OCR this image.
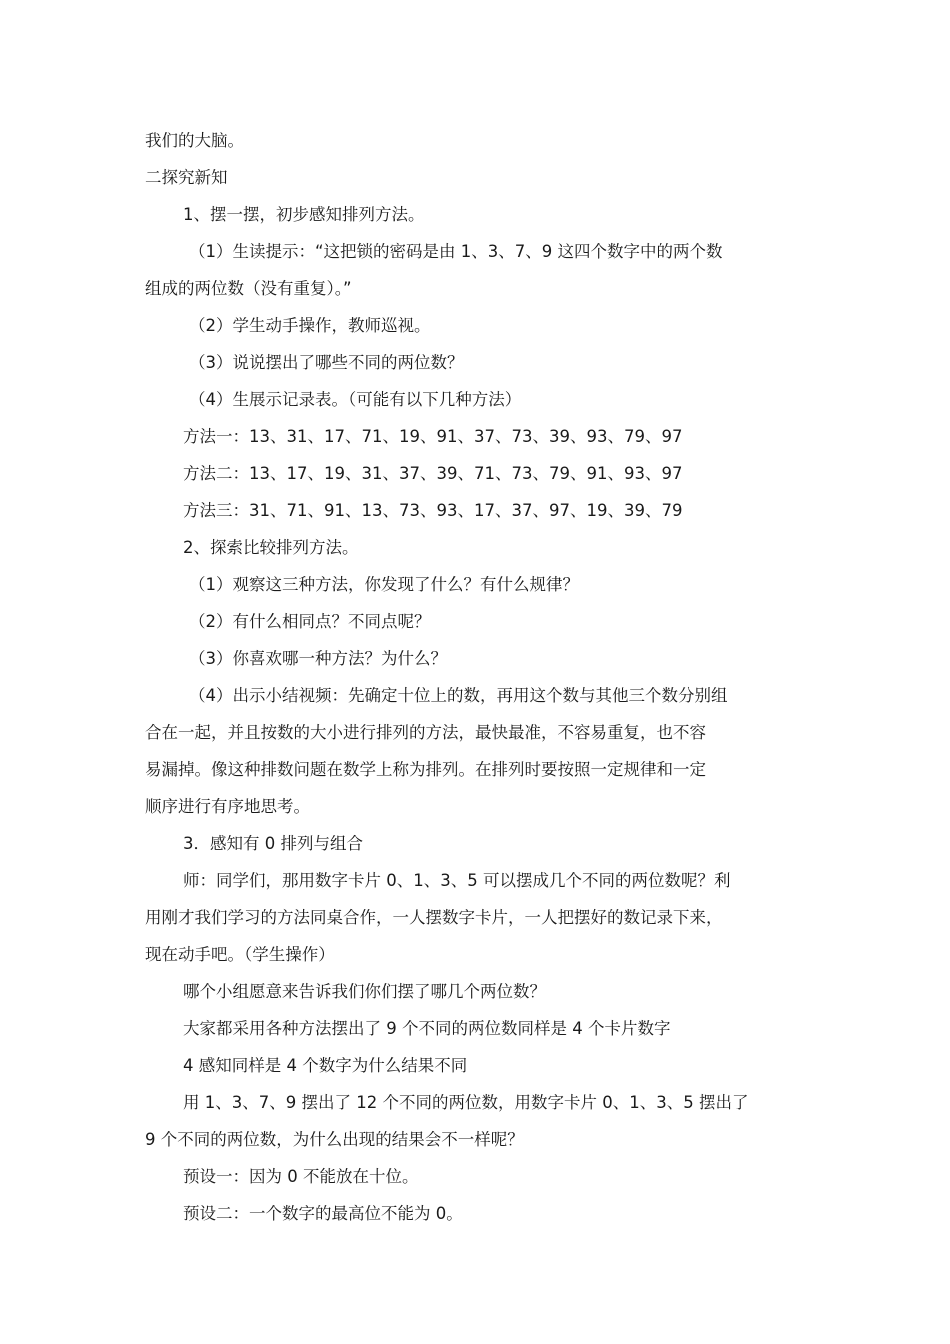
我们的大脑。
二探究新知
1、摆一摆，初步感知排列方法。
（1）生读提示：“这把锁的密码是由 1、3、7、9 这四个数字中的两个数
组成的两位数（没有重复）。”
（2）学生动手操作，教师巡视。
（3）说说摆出了哪些不同的两位数？
（4）生展示记录表。（可能有以下几种方法）
方法一：13、31、17、71、19、91、37、73、39、93、79、97
方法二：13、17、19、31、37、39、71、73、79、91、93、97
方法三：31、71、91、13、73、93、17、37、97、19、39、79
2、探索比较排列方法。
（1）观察这三种方法，你发现了什么？有什么规律？
（2）有什么相同点？不同点呢？
（3）你喜欢哪一种方法？为什么？
（4）出示小结视频：先确定十位上的数，再用这个数与其他三个数分别组
合在一起，并且按数的大小进行排列的方法，最快最准，不容易重复，也不容
易漏掉。像这种排数问题在数学上称为排列。在排列时要按照一定规律和一定
顺序进行有序地思考。
3．感知有 0 排列与组合
师：同学们，那用数字卡片 0、1、3、5 可以摆成几个不同的两位数呢？利
用刚才我们学习的方法同桌合作，一人摆数字卡片，一人把摆好的数记录下来，
现在动手吧。（学生操作）
哪个小组愿意来告诉我们你们摆了哪几个两位数？
大家都采用各种方法摆出了 9 个不同的两位数同样是 4 个卡片数字
4 感知同样是 4 个数字为什么结果不同
用 1、3、7、9 摆出了 12 个不同的两位数，用数字卡片 0、1、3、5 摆出了
9 个不同的两位数，为什么出现的结果会不一样呢？
预设一：因为 0 不能放在十位。
预设二：一个数字的最高位不能为 0。
